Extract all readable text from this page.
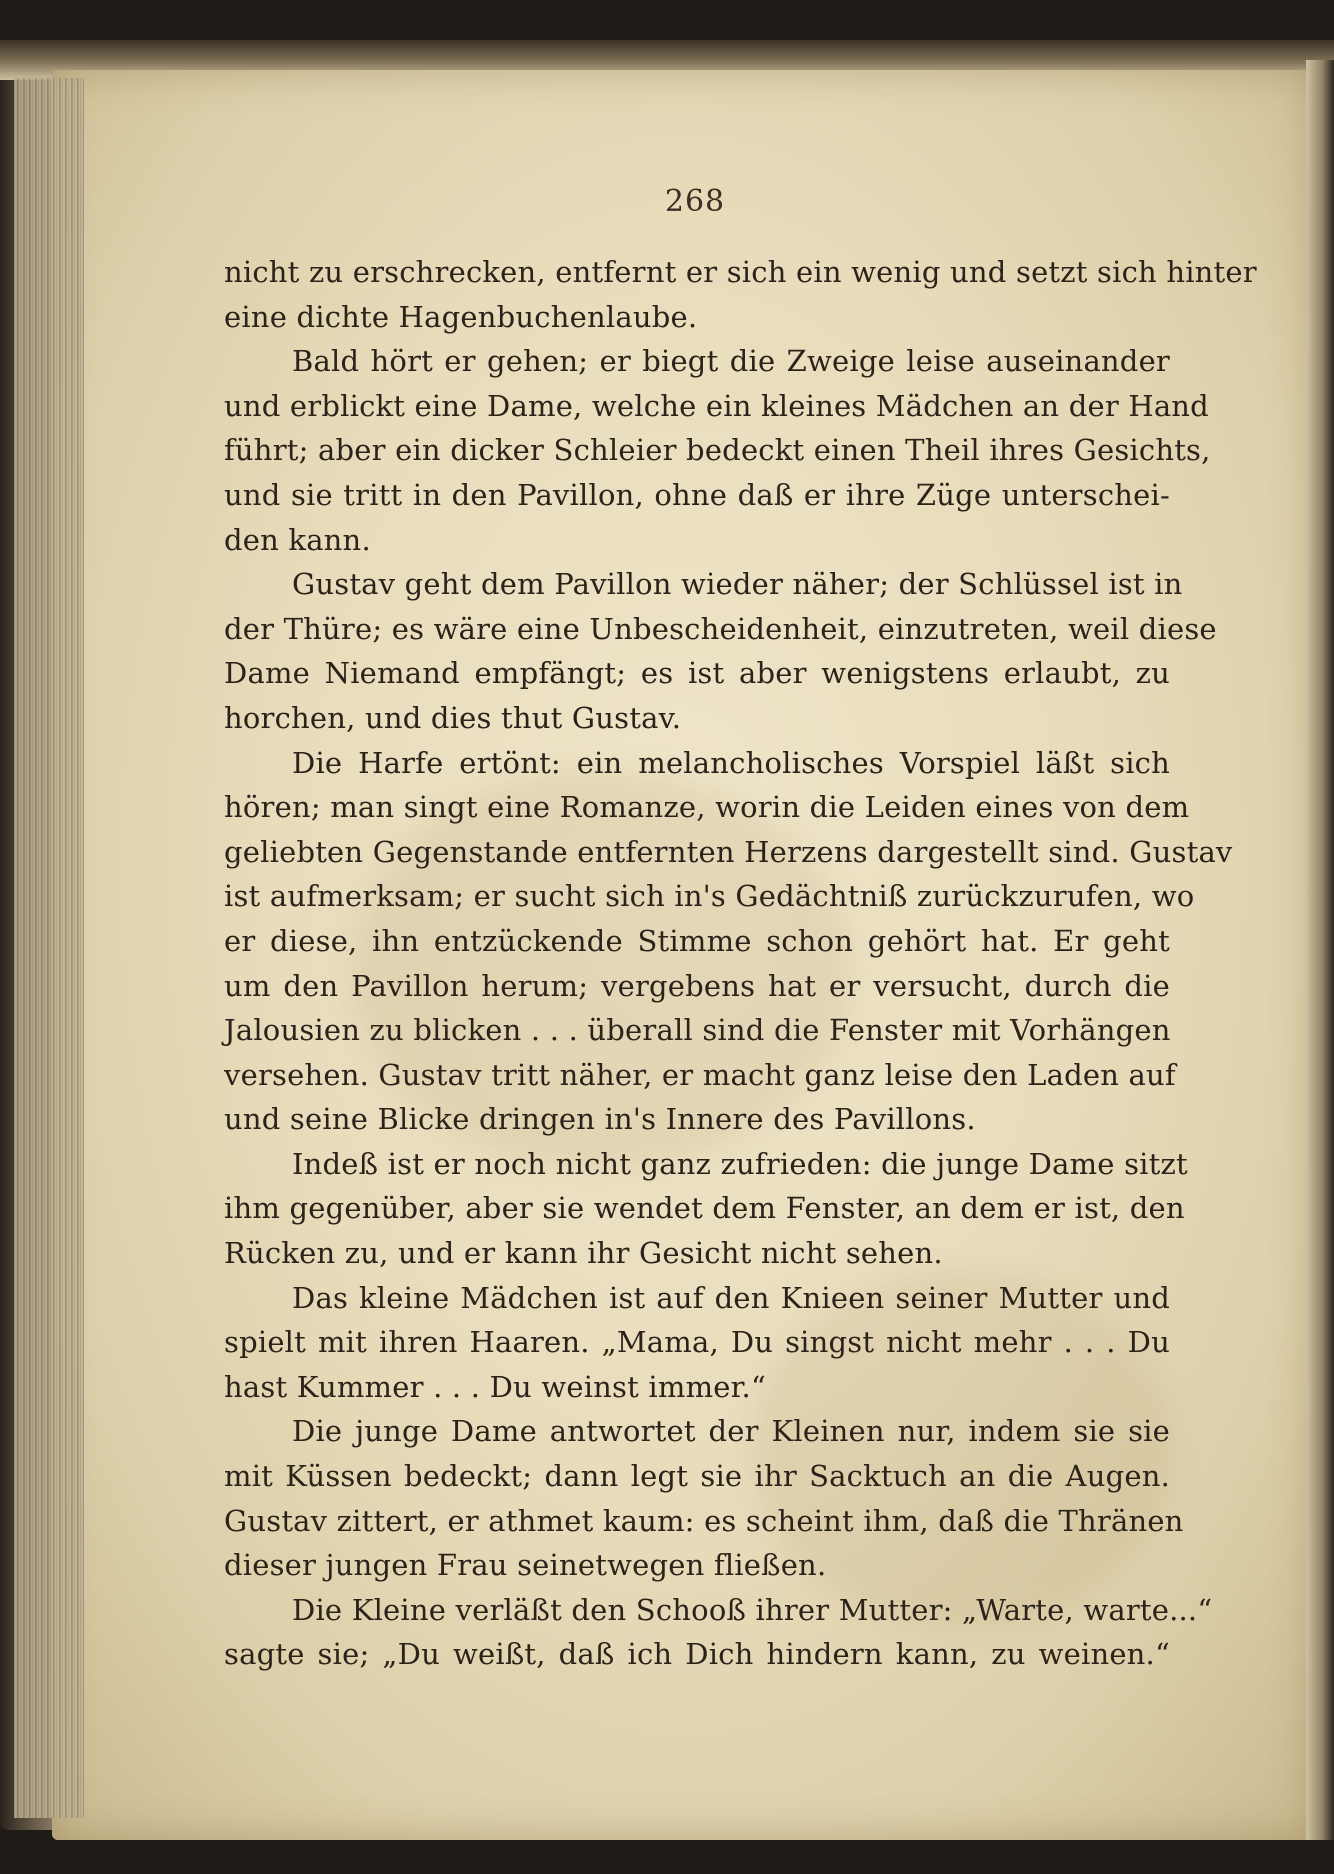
268
nicht zu erschrecken, entfernt er sich ein wenig und setzt sich hinter
eine dichte Hagenbuchenlaube.
Bald hört er gehen; er biegt die Zweige leise auseinander
und erblickt eine Dame, welche ein kleines Mädchen an der Hand
führt; aber ein dicker Schleier bedeckt einen Theil ihres Gesichts,
und sie tritt in den Pavillon, ohne daß er ihre Züge unterschei-
den kann.
Gustav geht dem Pavillon wieder näher; der Schlüssel ist in
der Thüre; es wäre eine Unbescheidenheit, einzutreten, weil diese
Dame Niemand empfängt; es ist aber wenigstens erlaubt, zu
horchen, und dies thut Gustav.
Die Harfe ertönt: ein melancholisches Vorspiel läßt sich
hören; man singt eine Romanze, worin die Leiden eines von dem
geliebten Gegenstande entfernten Herzens dargestellt sind. Gustav
ist aufmerksam; er sucht sich in's Gedächtniß zurückzurufen, wo
er diese, ihn entzückende Stimme schon gehört hat. Er geht
um den Pavillon herum; vergebens hat er versucht, durch die
Jalousien zu blicken . . . überall sind die Fenster mit Vorhängen
versehen. Gustav tritt näher, er macht ganz leise den Laden auf
und seine Blicke dringen in's Innere des Pavillons.
Indeß ist er noch nicht ganz zufrieden: die junge Dame sitzt
ihm gegenüber, aber sie wendet dem Fenster, an dem er ist, den
Rücken zu, und er kann ihr Gesicht nicht sehen.
Das kleine Mädchen ist auf den Knieen seiner Mutter und
spielt mit ihren Haaren. „Mama, Du singst nicht mehr . . . Du
hast Kummer . . . Du weinst immer.“
Die junge Dame antwortet der Kleinen nur, indem sie sie
mit Küssen bedeckt; dann legt sie ihr Sacktuch an die Augen.
Gustav zittert, er athmet kaum: es scheint ihm, daß die Thränen
dieser jungen Frau seinetwegen fließen.
Die Kleine verläßt den Schooß ihrer Mutter: „Warte, warte...“
sagte sie; „Du weißt, daß ich Dich hindern kann, zu weinen.“
